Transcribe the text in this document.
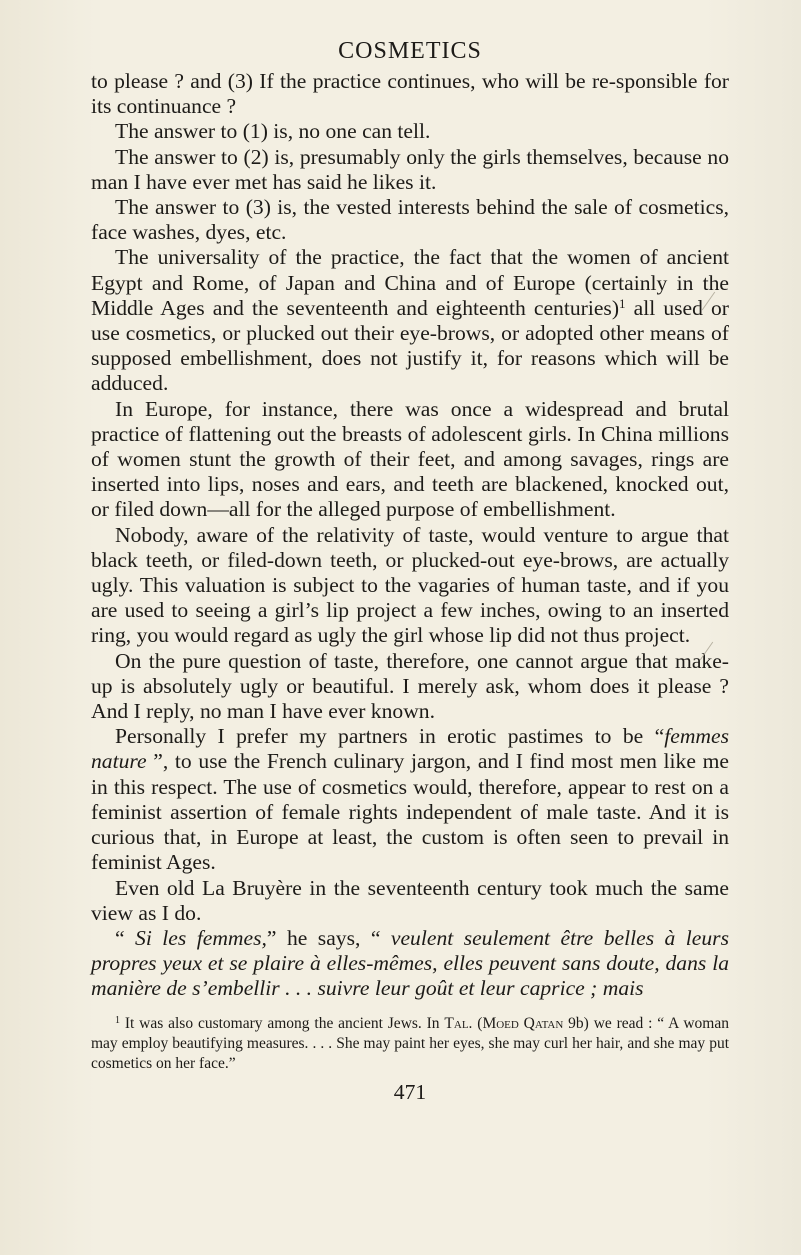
COSMETICS

to please ? and (3) If the practice continues, who will be re-sponsible for its continuance ?

The answer to (1) is, no one can tell.

The answer to (2) is, presumably only the girls themselves, because no man I have ever met has said he likes it.

The answer to (3) is, the vested interests behind the sale of cosmetics, face washes, dyes, etc.

The universality of the practice, the fact that the women of ancient Egypt and Rome, of Japan and China and of Europe (certainly in the Middle Ages and the seventeenth and eighteenth centuries)$^1$ all used or use cosmetics, or plucked out their eye-brows, or adopted other means of supposed embellishment, does not justify it, for reasons which will be adduced.

In Europe, for instance, there was once a widespread and brutal practice of flattening out the breasts of adolescent girls. In China millions of women stunt the growth of their feet, and among savages, rings are inserted into lips, noses and ears, and teeth are blackened, knocked out, or filed down—all for the alleged purpose of embellishment.

Nobody, aware of the relativity of taste, would venture to argue that black teeth, or filed-down teeth, or plucked-out eye-brows, are actually ugly. This valuation is subject to the vagaries of human taste, and if you are used to seeing a girl’s lip project a few inches, owing to an inserted ring, you would regard as ugly the girl whose lip did not thus project.

On the pure question of taste, therefore, one cannot argue that make-up is absolutely ugly or beautiful. I merely ask, whom does it please ? And I reply, no man I have ever known.

Personally I prefer my partners in erotic pastimes to be “femmes nature ”, to use the French culinary jargon, and I find most men like me in this respect. The use of cosmetics would, therefore, appear to rest on a feminist assertion of female rights independent of male taste. And it is curious that, in Europe at least, the custom is often seen to prevail in feminist Ages.

Even old La Bruyère in the seventeenth century took much the same view as I do.

“ Si les femmes,” he says, “ veulent seulement être belles à leurs propres yeux et se plaire à elles-mêmes, elles peuvent sans doute, dans la manière de s’embellir . . . suivre leur goût et leur caprice ; mais

$^1$ It was also customary among the ancient Jews. In Tal. (Moed Qatan 9b) we read : “ A woman may employ beautifying measures. . . . She may paint her eyes, she may curl her hair, and she may put cosmetics on her face.”

471
